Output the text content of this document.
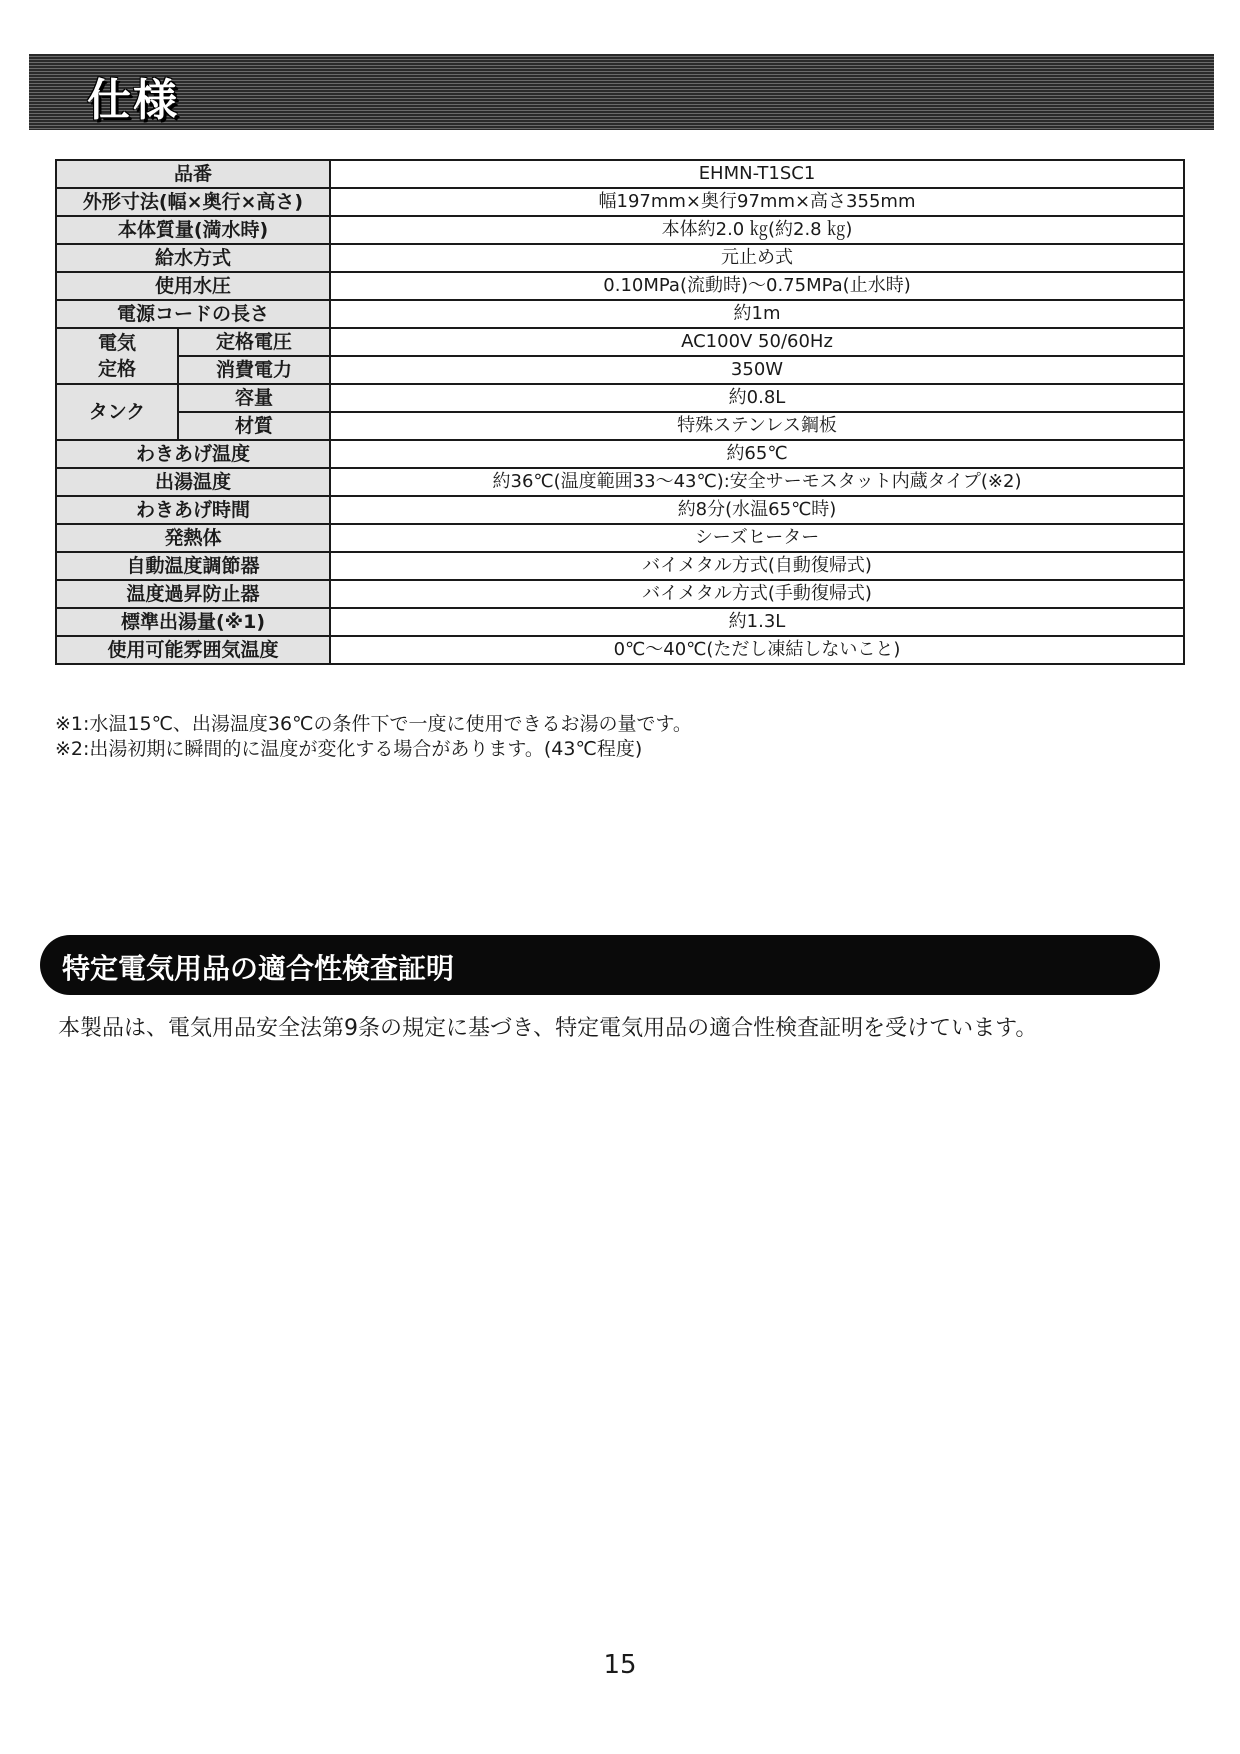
仕様
品番		EHMN-T1SC1
外形寸法(幅×奥行×高さ)		幅197mm×奥行97mm×高さ355mm
本体質量(満水時)		本体約2.0 ㎏(約2.8 ㎏)
給水方式		元止め式
使用水圧		0.10MPa(流動時)〜0.75MPa(止水時)
電源コードの長さ		約1m
電気定格	定格電圧	AC100V 50/60Hz
	消費電力	350W
タンク	容量	約0.8L
	材質	特殊ステンレス鋼板
わきあげ温度		約65℃
出湯温度		約36℃(温度範囲33〜43℃):安全サーモスタット内蔵タイプ(※2)
わきあげ時間		約8分(水温65℃時)
発熱体		シーズヒーター
自動温度調節器		バイメタル方式(自動復帰式)
温度過昇防止器		バイメタル方式(手動復帰式)
標準出湯量(※1)		約1.3L
使用可能雰囲気温度		0℃〜40℃(ただし凍結しないこと)
※1:水温15℃、出湯温度36℃の条件下で一度に使用できるお湯の量です。
※2:出湯初期に瞬間的に温度が変化する場合があります。(43℃程度)
特定電気用品の適合性検査証明
本製品は、電気用品安全法第9条の規定に基づき、特定電気用品の適合性検査証明を受けています。
15
